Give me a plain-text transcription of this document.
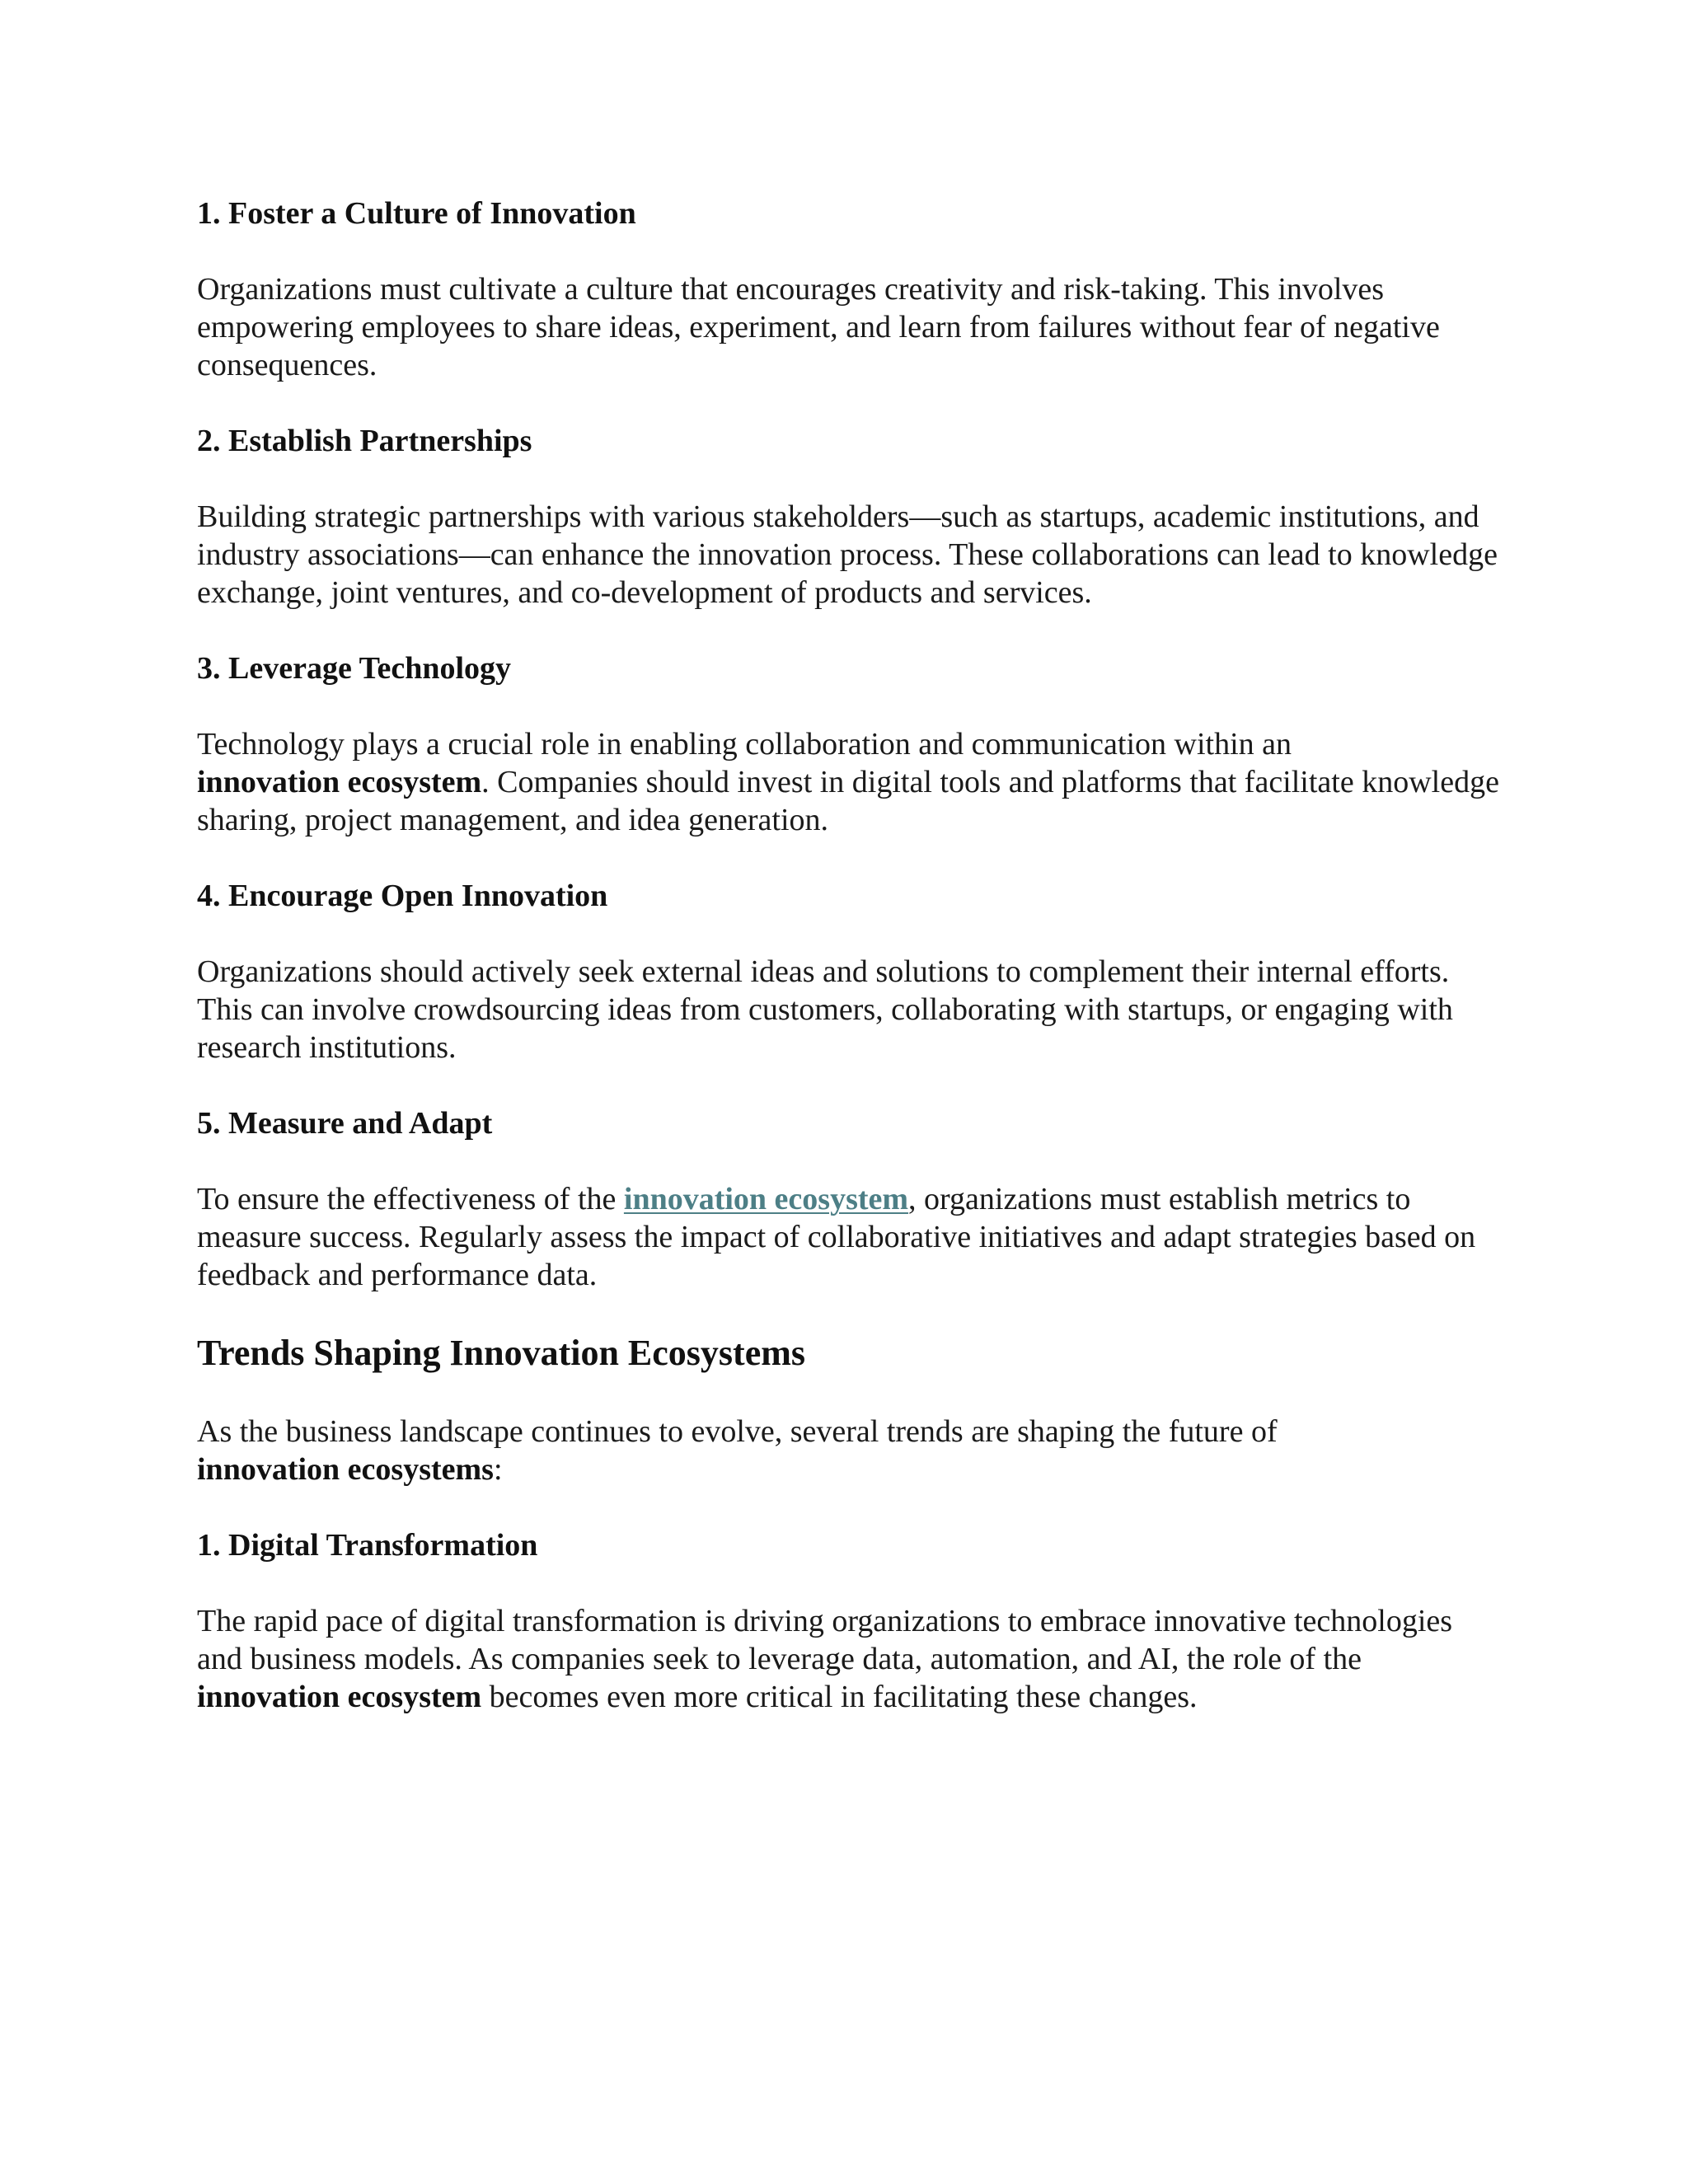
1. Foster a Culture of Innovation

Organizations must cultivate a culture that encourages creativity and risk-taking. This involves empowering employees to share ideas, experiment, and learn from failures without fear of negative consequences.

2. Establish Partnerships

Building strategic partnerships with various stakeholders—such as startups, academic institutions, and industry associations—can enhance the innovation process. These collaborations can lead to knowledge exchange, joint ventures, and co-development of products and services.

3. Leverage Technology

Technology plays a crucial role in enabling collaboration and communication within an
innovation ecosystem. Companies should invest in digital tools and platforms that facilitate knowledge sharing, project management, and idea generation.

4. Encourage Open Innovation

Organizations should actively seek external ideas and solutions to complement their internal efforts. This can involve crowdsourcing ideas from customers, collaborating with startups, or engaging with research institutions.

5. Measure and Adapt

To ensure the effectiveness of the innovation ecosystem, organizations must establish metrics to measure success. Regularly assess the impact of collaborative initiatives and adapt strategies based on feedback and performance data.

Trends Shaping Innovation Ecosystems

As the business landscape continues to evolve, several trends are shaping the future of
innovation ecosystems:

1. Digital Transformation

The rapid pace of digital transformation is driving organizations to embrace innovative technologies and business models. As companies seek to leverage data, automation, and AI, the role of the innovation ecosystem becomes even more critical in facilitating these changes.
